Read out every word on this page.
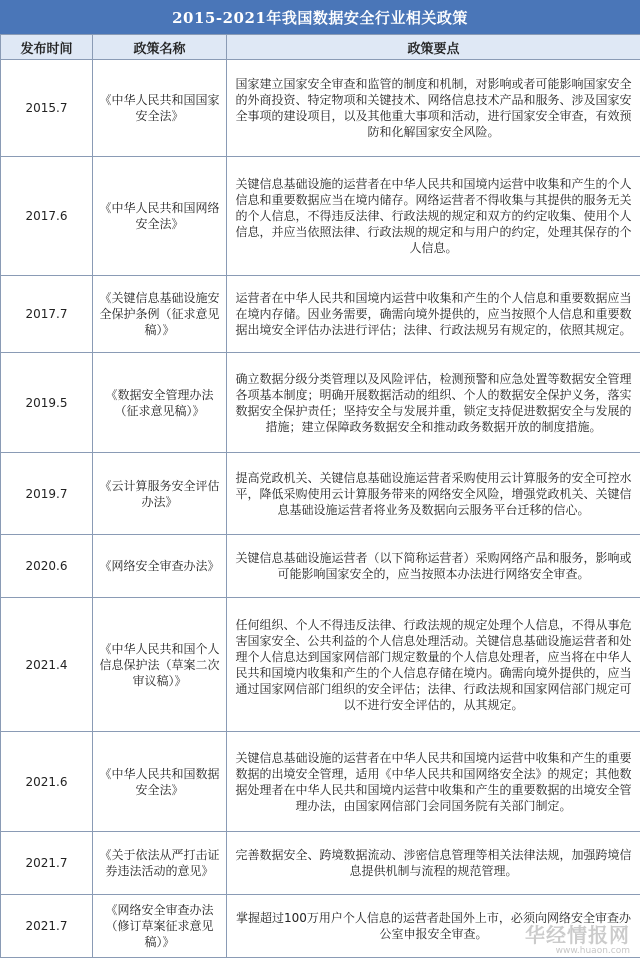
2015-2021年我国数据安全行业相关政策
发布时间	政策名称	政策要点
2015.7	《中华人民共和国国家安全法》	国家建立国家安全审查和监管的制度和机制，对影响或者可能影响国家安全的外商投资、特定物项和关键技术、网络信息技术产品和服务、涉及国家安全事项的建设项目，以及其他重大事项和活动，进行国家安全审查，有效预防和化解国家安全风险。
2017.6	《中华人民共和国网络安全法》	关键信息基础设施的运营者在中华人民共和国境内运营中收集和产生的个人信息和重要数据应当在境内储存。网络运营者不得收集与其提供的服务无关的个人信息，不得违反法律、行政法规的规定和双方的约定收集、使用个人信息，并应当依照法律、行政法规的规定和与用户的约定，处理其保存的个人信息。
2017.7	《关键信息基础设施安全保护条例（征求意见稿）》	运营者在中华人民共和国境内运营中收集和产生的个人信息和重要数据应当在境内存储。因业务需要，确需向境外提供的，应当按照个人信息和重要数据出境安全评估办法进行评估；法律、行政法规另有规定的，依照其规定。
2019.5	《数据安全管理办法（征求意见稿）》	确立数据分级分类管理以及风险评估，检测预警和应急处置等数据安全管理各项基本制度；明确开展数据活动的组织、个人的数据安全保护义务，落实数据安全保护责任；坚持安全与发展并重，锁定支持促进数据安全与发展的措施；建立保障政务数据安全和推动政务数据开放的制度措施。
2019.7	《云计算服务安全评估办法》	提高党政机关、关键信息基础设施运营者采购使用云计算服务的安全可控水平，降低采购使用云计算服务带来的网络安全风险，增强党政机关、关键信息基础设施运营者将业务及数据向云服务平台迁移的信心。
2020.6	《网络安全审查办法》	关键信息基础设施运营者（以下简称运营者）采购网络产品和服务，影响或可能影响国家安全的，应当按照本办法进行网络安全审查。
2021.4	《中华人民共和国个人信息保护法（草案二次审议稿）》	任何组织、个人不得违反法律、行政法规的规定处理个人信息，不得从事危害国家安全、公共利益的个人信息处理活动。关键信息基础设施运营者和处理个人信息达到国家网信部门规定数量的个人信息处理者，应当将在中华人民共和国境内收集和产生的个人信息存储在境内。确需向境外提供的，应当通过国家网信部门组织的安全评估；法律、行政法规和国家网信部门规定可以不进行安全评估的，从其规定。
2021.6	《中华人民共和国数据安全法》	关键信息基础设施的运营者在中华人民共和国境内运营中收集和产生的重要数据的出境安全管理，适用《中华人民共和国网络安全法》的规定；其他数据处理者在中华人民共和国境内运营中收集和产生的重要数据的出境安全管理办法，由国家网信部门会同国务院有关部门制定。
2021.7	《关于依法从严打击证券违法活动的意见》	完善数据安全、跨境数据流动、涉密信息管理等相关法律法规，加强跨境信息提供机制与流程的规范管理。
2021.7	《网络安全审查办法（修订草案征求意见稿）》	掌握超过100万用户个人信息的运营者赴国外上市，必须向网络安全审查办公室申报安全审查。 华经情报网
www.huaon.com
